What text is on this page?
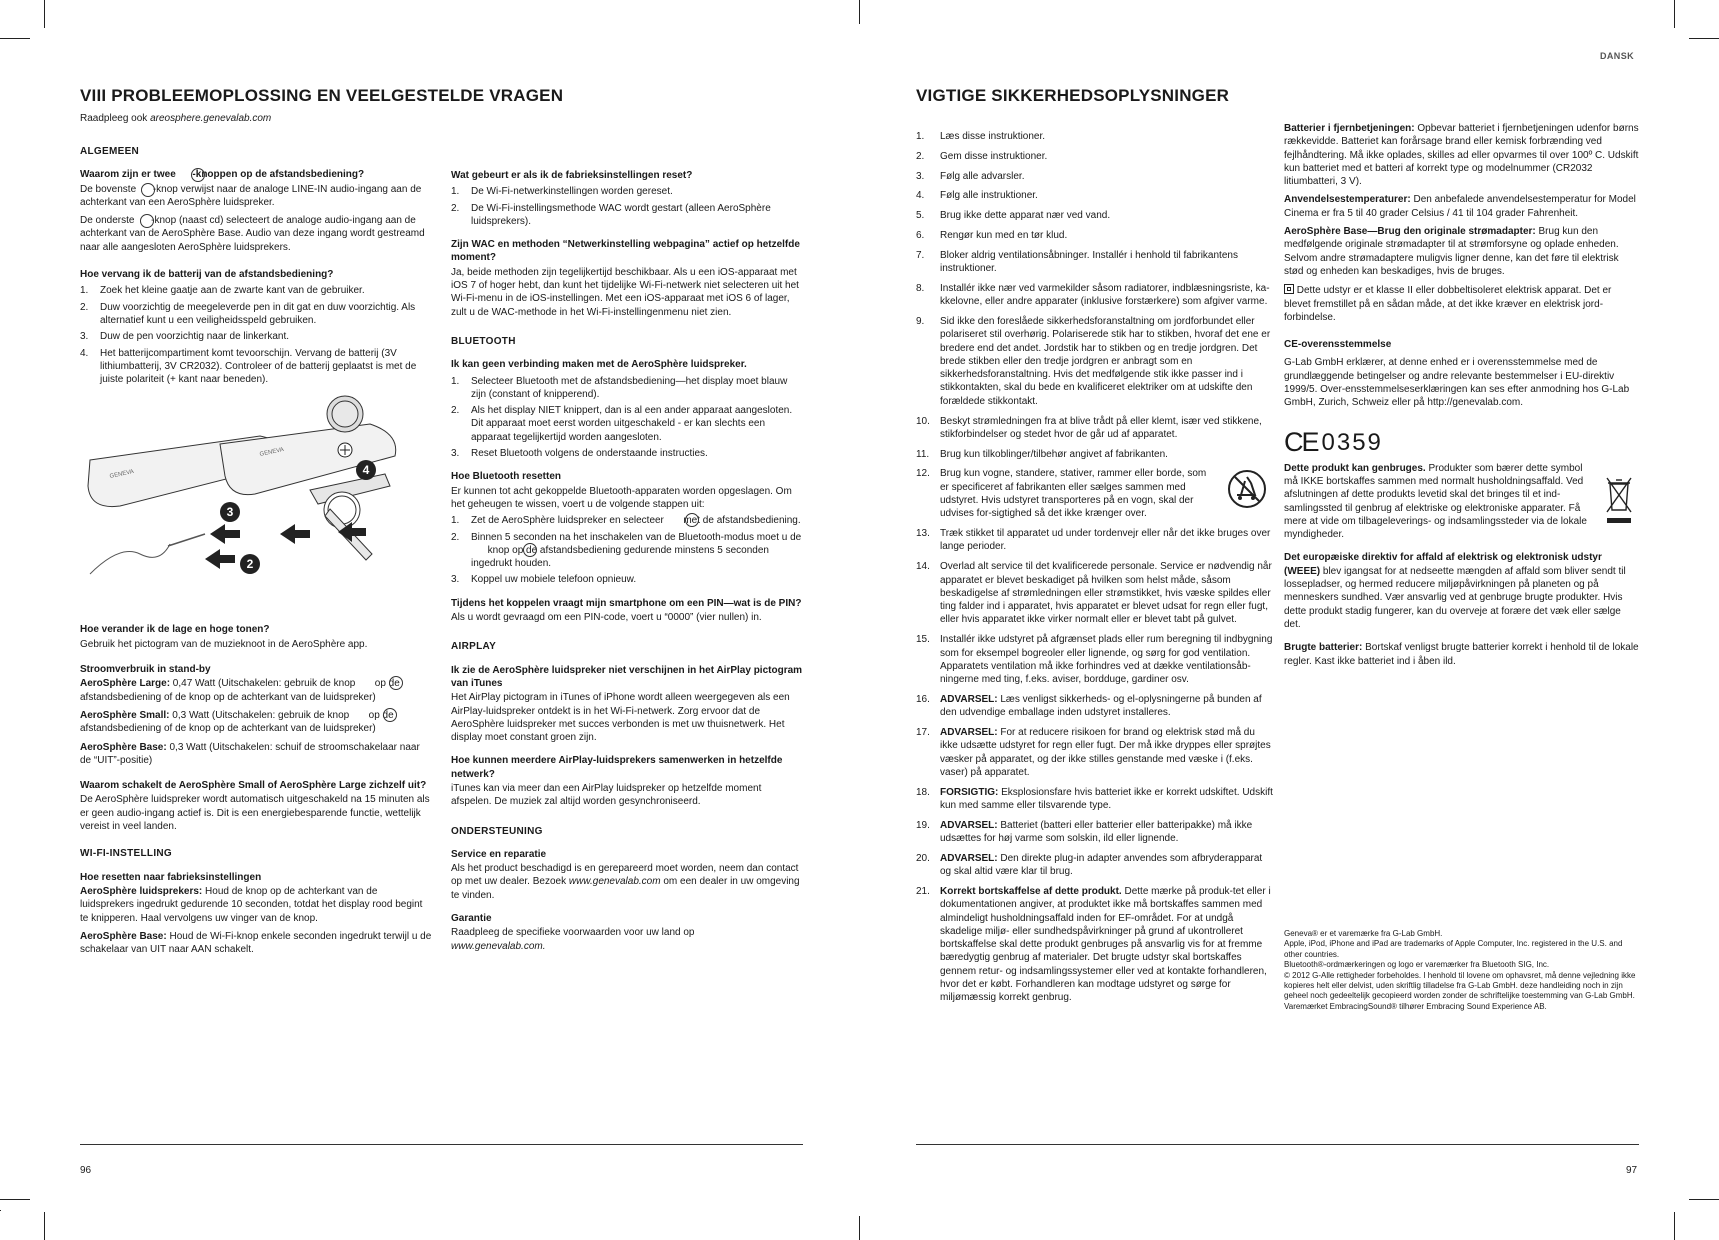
DANSK
VIII PROBLEEMOPLOSSING EN VEELGESTELDE VRAGEN
Raadpleeg ook areosphere.genevalab.com
ALGEMEEN
Waarom zijn er twee      -knoppen op de afstandsbediening?
De bovenste      -knop verwijst naar de analoge LINE-IN audio-ingang aan de achterkant van een AeroSphère luidspreker.
De onderste      -knop (naast cd) selecteert de analoge audio-ingang aan de achterkant van de AeroSphère Base. Audio van deze ingang wordt gestreamd naar alle aangesloten AeroSphère luidsprekers.
Hoe vervang ik de batterij van de afstandsbediening?
1. Zoek het kleine gaatje aan de zwarte kant van de gebruiker.
2. Duw voorzichtig de meegeleverde pen in dit gat en duw voorzichtig. Als alternatief kunt u een veiligheidsspeld gebruiken.
3. Duw de pen voorzichtig naar de linkerkant.
4. Het batterijcompartiment komt tevoorschijn. Vervang de batterij (3V lithiumbatterij, 3V CR2032). Controleer of de batterij geplaatst is met de juiste polariteit (+ kant naar beneden).
3
2
4
GENEVA
GENEVA
Hoe verander ik de lage en hoge tonen?
Gebruik het pictogram van de muzieknoot in de AeroSphère app.
Stroomverbruik in stand-by
AeroSphère Large: 0,47 Watt (Uitschakelen: gebruik de knop       op de afstandsbediening of de knop op de achterkant van de luidspreker)
AeroSphère Small: 0,3 Watt (Uitschakelen: gebruik de knop       op de afstandsbediening of de knop op de achterkant van de luidspreker)
AeroSphère Base: 0,3 Watt (Uitschakelen: schuif de stroomschakelaar naar de “UIT”-positie)
Waarom schakelt de AeroSphère Small of AeroSphère Large zichzelf uit?
De AeroSphère luidspreker wordt automatisch uitgeschakeld na 15 minuten als er geen audio-ingang actief is. Dit is een energiebesparende functie, wettelijk vereist in veel landen.
WI-FI-INSTELLING
Hoe resetten naar fabrieksinstellingen
AeroSphère luidsprekers: Houd de knop op de achterkant van de luidsprekers ingedrukt gedurende 10 seconden, totdat het display rood begint te knipperen. Haal vervolgens uw vinger van de knop.
AeroSphère Base: Houd de Wi-Fi-knop enkele seconden ingedrukt terwijl u de schakelaar van UIT naar AAN schakelt.
Wat gebeurt er als ik de fabrieksinstellingen reset?
1. De Wi-Fi-netwerkinstellingen worden gereset.
2. De Wi-Fi-instellingsmethode WAC wordt gestart (alleen AeroSphère luidsprekers).
Zijn WAC en methoden “Netwerkinstelling webpagina” actief op hetzelfde moment?
Ja, beide methoden zijn tegelijkertijd beschikbaar. Als u een iOS-apparaat met iOS 7 of hoger hebt, dan kunt het tijdelijke Wi-Fi-netwerk niet selecteren uit het Wi-Fi-menu in de iOS-instellingen. Met een iOS-apparaat met iOS 6 of lager, zult u de WAC-methode in het Wi-Fi-instellingenmenu niet zien.
BLUETOOTH
Ik kan geen verbinding maken met de AeroSphère luidspreker.
1. Selecteer Bluetooth met de afstandsbediening—het display moet blauw zijn (constant of knipperend).
2. Als het display NIET knippert, dan is al een ander apparaat aangesloten. Dit apparaat moet eerst worden uitgeschakeld - er kan slechts een apparaat tegelijkertijd worden aangesloten.
3. Reset Bluetooth volgens de onderstaande instructies.
Hoe Bluetooth resetten
Er kunnen tot acht gekoppelde Bluetooth-apparaten worden opgeslagen. Om het geheugen te wissen, voert u de volgende stappen uit:
1. Zet de AeroSphère luidspreker en selecteer       met de afstandsbediening.
2. Binnen 5 seconden na het inschakelen van de Bluetooth-modus moet u de       knop op de afstandsbediening gedurende minstens 5 seconden ingedrukt houden.
3. Koppel uw mobiele telefoon opnieuw.
Tijdens het koppelen vraagt mijn smartphone om een PIN—wat is de PIN?
Als u wordt gevraagd om een PIN-code, voert u “0000” (vier nullen) in.
AIRPLAY
Ik zie de AeroSphère luidspreker niet verschijnen in het AirPlay pictogram van iTunes
Het AirPlay pictogram in iTunes of iPhone wordt alleen weergegeven als een AirPlay-luidspreker ontdekt is in het Wi-Fi-netwerk. Zorg ervoor dat de AeroSphère luidspreker met succes verbonden is met uw thuisnetwerk. Het display moet constant groen zijn.
Hoe kunnen meerdere AirPlay-luidsprekers samenwerken in hetzelfde netwerk?
iTunes kan via meer dan een AirPlay luidspreker op hetzelfde moment afspelen. De muziek zal altijd worden gesynchroniseerd.
ONDERSTEUNING
Service en reparatie
Als het product beschadigd is en gerepareerd moet worden, neem dan contact op met uw dealer. Bezoek www.genevalab.com om een dealer in uw omgeving te vinden.
Garantie
Raadpleeg de specifieke voorwaarden voor uw land op
www.genevalab.com.
96
VIGTIGE SIKKERHEDSOPLYSNINGER
1. Læs disse instruktioner.
2. Gem disse instruktioner.
3. Følg alle advarsler.
4. Følg alle instruktioner.
5. Brug ikke dette apparat nær ved vand.
6. Rengør kun med en tør klud.
7. Bloker aldrig ventilationsåbninger. Installér i henhold til fabrikantens instruktioner.
8. Installér ikke nær ved varmekilder såsom radiatorer, indblæsningsriste, ka-kkelovne, eller andre apparater (inklusive forstærkere) som afgiver varme.
9. Sid ikke den foreslåede sikkerhedsforanstaltning om jordforbundet eller polariseret stil overhørig. Polariserede stik har to stikben, hvoraf det ene er bredere end det andet. Jordstik har to stikben og en tredje jordgren. Det brede stikben eller den tredje jordgren er anbragt som en sikkerhedsforanstaltning. Hvis det medfølgende stik ikke passer ind i stikkontakten, skal du bede en kvalificeret elektriker om at udskifte den forældede stikkontakt.
10. Beskyt strømledningen fra at blive trådt på eller klemt, især ved stikkene, stikforbindelser og stedet hvor de går ud af apparatet.
11. Brug kun tilkoblinger/tilbehør angivet af fabrikanten.
12. Brug kun vogne, standere, stativer, rammer eller borde, som er specificeret af fabrikanten eller sælges sammen med udstyret. Hvis udstyret transporteres på en vogn, skal der udvises for-sigtighed så det ikke krænger over.
13. Træk stikket til apparatet ud under tordenvejr eller når det ikke bruges over lange perioder.
14. Overlad alt service til det kvalificerede personale. Service er nødvendig når apparatet er blevet beskadiget på hvilken som helst måde, såsom beskadigelse af strømledningen eller strømstikket, hvis væske spildes eller ting falder ind i apparatet, hvis apparatet er blevet udsat for regn eller fugt, eller hvis apparatet ikke virker normalt eller er blevet tabt på gulvet.
15. Installér ikke udstyret på afgrænset plads eller rum beregning til indbygning som for eksempel bogreoler eller lignende, og sørg for god ventilation. Apparatets ventilation må ikke forhindres ved at dække ventilationsåb-ningerne med ting, f.eks. aviser, bordduge, gardiner osv.
16. ADVARSEL: Læs venligst sikkerheds- og el-oplysningerne på bunden af den udvendige emballage inden udstyret installeres.
17. ADVARSEL: For at reducere risikoen for brand og elektrisk stød må du ikke udsætte udstyret for regn eller fugt. Der må ikke dryppes eller sprøjtes væsker på apparatet, og der ikke stilles genstande med væske i (f.eks. vaser) på apparatet.
18. FORSIGTIG: Eksplosionsfare hvis batteriet ikke er korrekt udskiftet. Udskift kun med samme eller tilsvarende type.
19. ADVARSEL: Batteriet (batteri eller batterier eller batteripakke) må ikke udsættes for høj varme som solskin, ild eller lignende.
20. ADVARSEL: Den direkte plug-in adapter anvendes som afbryderapparat og skal altid være klar til brug.
21. Korrekt bortskaffelse af dette produkt. Dette mærke på produk-tet eller i dokumentationen angiver, at produktet ikke må bortskaffes sammen med almindeligt husholdningsaffald inden for EF-området. For at undgå skadelige miljø- eller sundhedspåvirkninger på grund af ukontrolleret bortskaffelse skal dette produkt genbruges på ansvarlig vis for at fremme bæredygtig genbrug af materialer. Det brugte udstyr skal bortskaffes gennem retur- og indsamlingssystemer eller ved at kontakte forhandleren, hvor det er købt. Forhandleren kan modtage udstyret og sørge for miljømæssig korrekt genbrug.
Batterier i fjernbetjeningen: Opbevar batteriet i fjernbetjeningen udenfor børns rækkevidde. Batteriet kan forårsage brand eller kemisk forbrænding ved fejlhåndtering. Må ikke oplades, skilles ad eller opvarmes til over 100º C. Udskift kun batteriet med et batteri af korrekt type og modelnummer (CR2032 litiumbatteri, 3 V).
Anvendelsestemperaturer: Den anbefalede anvendelsestemperatur for Model Cinema er fra 5 til 40 grader Celsius / 41 til 104 grader Fahrenheit.
AeroSphère Base—Brug den originale strømadapter: Brug kun den medfølgende originale strømadapter til at strømforsyne og oplade enheden. Selvom andre strømadaptere muligvis ligner denne, kan det føre til elektrisk stød og enheden kan beskadiges, hvis de bruges.
Dette udstyr er et klasse II eller dobbeltisoleret elektrisk apparat. Det er blevet fremstillet på en sådan måde, at det ikke kræver en elektrisk jord-forbindelse.
CE-overensstemmelse
G-Lab GmbH erklærer, at denne enhed er i overensstemmelse med de grundlæggende betingelser og andre relevante bestemmelser i EU-direktiv 1999/5. Over-ensstemmelseserklæringen kan ses efter anmodning hos G-Lab GmbH, Zurich, Schweiz eller på http://genevalab.com.
CE 0359
Dette produkt kan genbruges. Produkter som bærer dette symbol må IKKE bortskaffes sammen med normalt husholdningsaffald. Ved afslutningen af dette produkts levetid skal det bringes til et ind-samlingssted til genbrug af elektriske og elektroniske apparater. Få mere at vide om tilbageleverings- og indsamlingssteder via de lokale myndigheder.
Det europæiske direktiv for affald af elektrisk og elektronisk udstyr (WEEE) blev igangsat for at nedseette mængden af affald som bliver sendt til lossepladser, og hermed reducere miljøpåvirkningen på planeten og på menneskers sundhed. Vær ansvarlig ved at genbruge brugte produkter. Hvis dette produkt stadig fungerer, kan du overveje at forære det væk eller sælge det.
Brugte batterier: Bortskaf venligst brugte batterier korrekt i henhold til de lokale regler. Kast ikke batteriet ind i åben ild.
Geneva® er et varemærke fra G-Lab GmbH.
Apple, iPod, iPhone and iPad are trademarks of Apple Computer, Inc. registered in the U.S. and other countries.
Bluetooth®-ordmærkeringen og logo er varemærker fra Bluetooth SIG, Inc.
© 2012 G-Alle rettigheder forbeholdes. I henhold til lovene om ophavsret, må denne vejledning ikke kopieres helt eller delvist, uden skriftlig tilladelse fra G-Lab GmbH. deze handleiding noch in zijn geheel noch gedeeltelijk gecopieerd worden zonder de schriftelijke toestemming van G-Lab GmbH.
Varemærket EmbracingSound® tilhører Embracing Sound Experience AB.
97
